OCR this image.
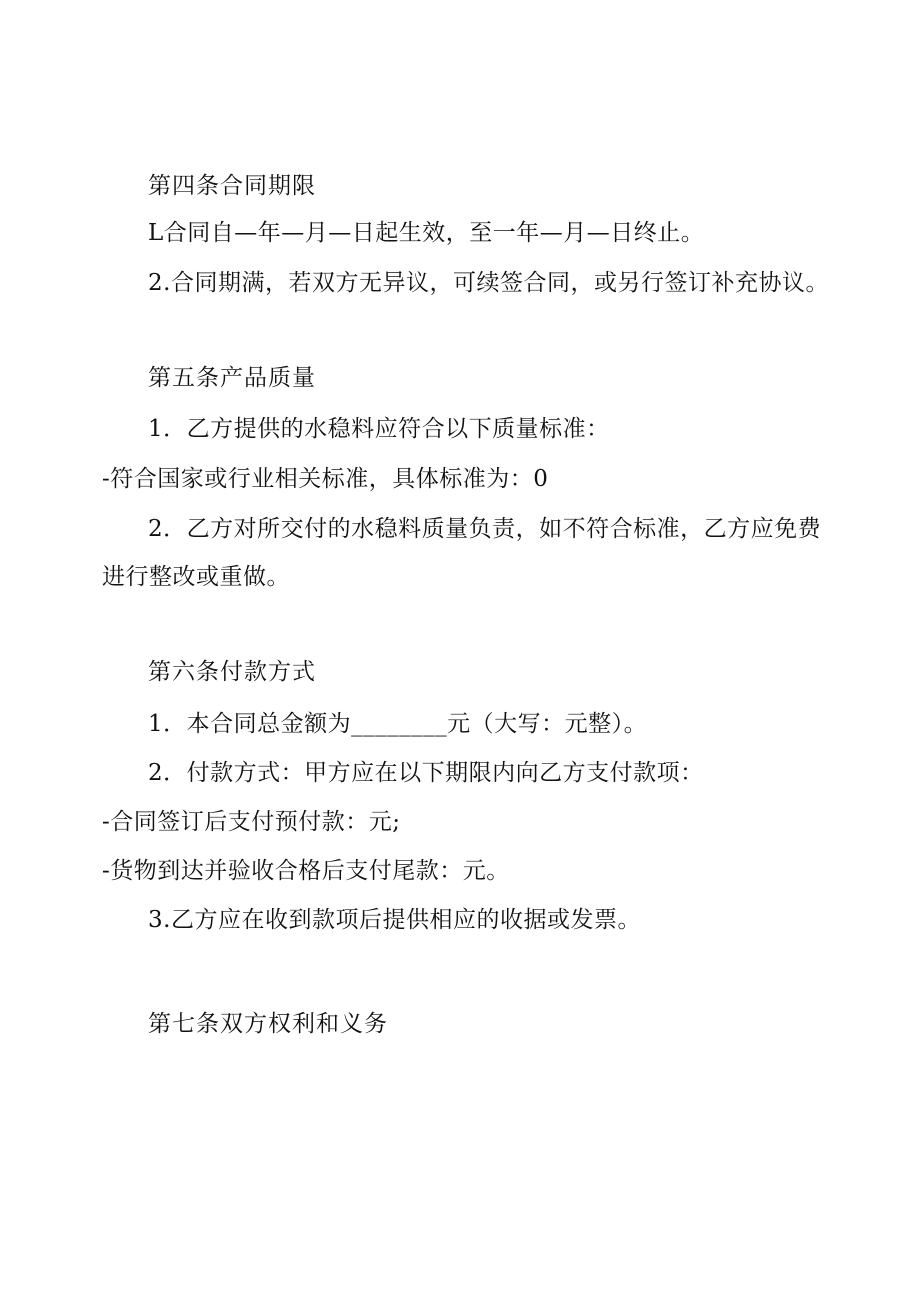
第四条合同期限
L合同自—年—月—日起生效，至一年—月—日终止。
2.合同期满，若双方无异议，可续签合同，或另行签订补充协议。
第五条产品质量
1．乙方提供的水稳料应符合以下质量标准：
-符合国家或行业相关标准，具体标准为：0
2．乙方对所交付的水稳料质量负责，如不符合标准，乙方应免费进行整改或重做。
第六条付款方式
1．本合同总金额为________元（大写：元整）。
2．付款方式：甲方应在以下期限内向乙方支付款项：
-合同签订后支付预付款：元;
-货物到达并验收合格后支付尾款：元。
3.乙方应在收到款项后提供相应的收据或发票。
第七条双方权利和义务
